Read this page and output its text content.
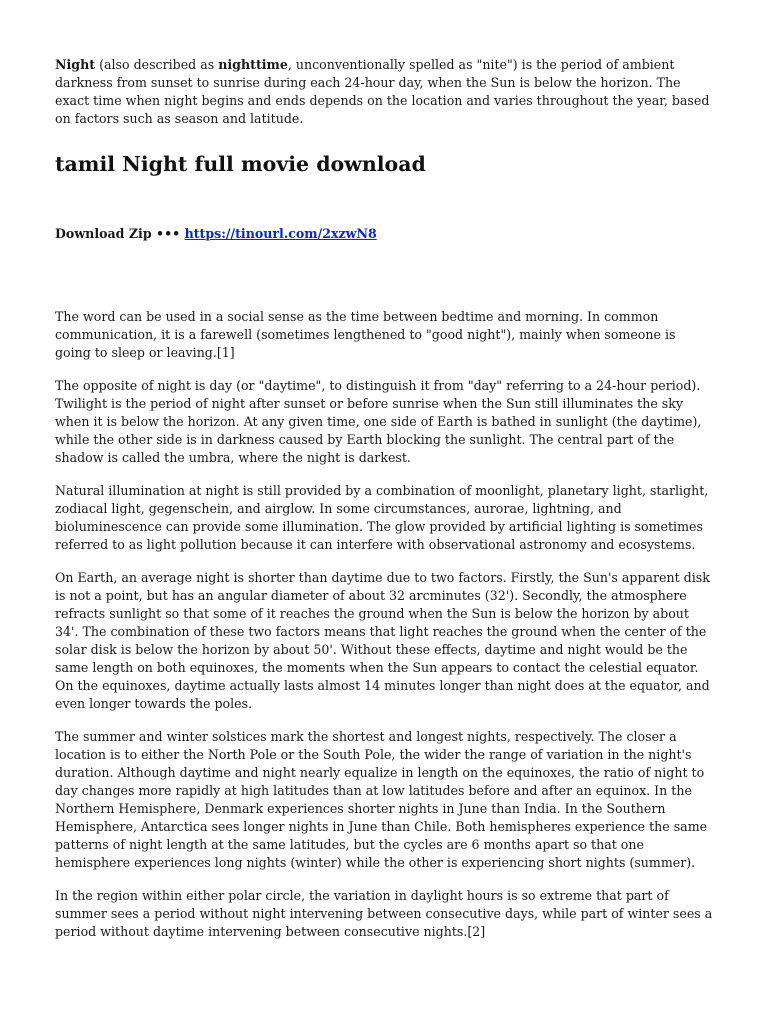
Night (also described as nighttime, unconventionally spelled as "nite") is the period of ambient darkness from sunset to sunrise during each 24-hour day, when the Sun is below the horizon. The exact time when night begins and ends depends on the location and varies throughout the year, based on factors such as season and latitude.

tamil Night full movie download

Download Zip ••• https://tinourl.com/2xzwN8

The word can be used in a social sense as the time between bedtime and morning. In common communication, it is a farewell (sometimes lengthened to "good night"), mainly when someone is going to sleep or leaving.[1]

The opposite of night is day (or "daytime", to distinguish it from "day" referring to a 24-hour period). Twilight is the period of night after sunset or before sunrise when the Sun still illuminates the sky when it is below the horizon. At any given time, one side of Earth is bathed in sunlight (the daytime), while the other side is in darkness caused by Earth blocking the sunlight. The central part of the shadow is called the umbra, where the night is darkest.

Natural illumination at night is still provided by a combination of moonlight, planetary light, starlight, zodiacal light, gegenschein, and airglow. In some circumstances, aurorae, lightning, and bioluminescence can provide some illumination. The glow provided by artificial lighting is sometimes referred to as light pollution because it can interfere with observational astronomy and ecosystems.

On Earth, an average night is shorter than daytime due to two factors. Firstly, the Sun's apparent disk is not a point, but has an angular diameter of about 32 arcminutes (32'). Secondly, the atmosphere refracts sunlight so that some of it reaches the ground when the Sun is below the horizon by about 34'. The combination of these two factors means that light reaches the ground when the center of the solar disk is below the horizon by about 50'. Without these effects, daytime and night would be the same length on both equinoxes, the moments when the Sun appears to contact the celestial equator. On the equinoxes, daytime actually lasts almost 14 minutes longer than night does at the equator, and even longer towards the poles.

The summer and winter solstices mark the shortest and longest nights, respectively. The closer a location is to either the North Pole or the South Pole, the wider the range of variation in the night's duration. Although daytime and night nearly equalize in length on the equinoxes, the ratio of night to day changes more rapidly at high latitudes than at low latitudes before and after an equinox. In the Northern Hemisphere, Denmark experiences shorter nights in June than India. In the Southern Hemisphere, Antarctica sees longer nights in June than Chile. Both hemispheres experience the same patterns of night length at the same latitudes, but the cycles are 6 months apart so that one hemisphere experiences long nights (winter) while the other is experiencing short nights (summer).

In the region within either polar circle, the variation in daylight hours is so extreme that part of summer sees a period without night intervening between consecutive days, while part of winter sees a period without daytime intervening between consecutive nights.[2]
